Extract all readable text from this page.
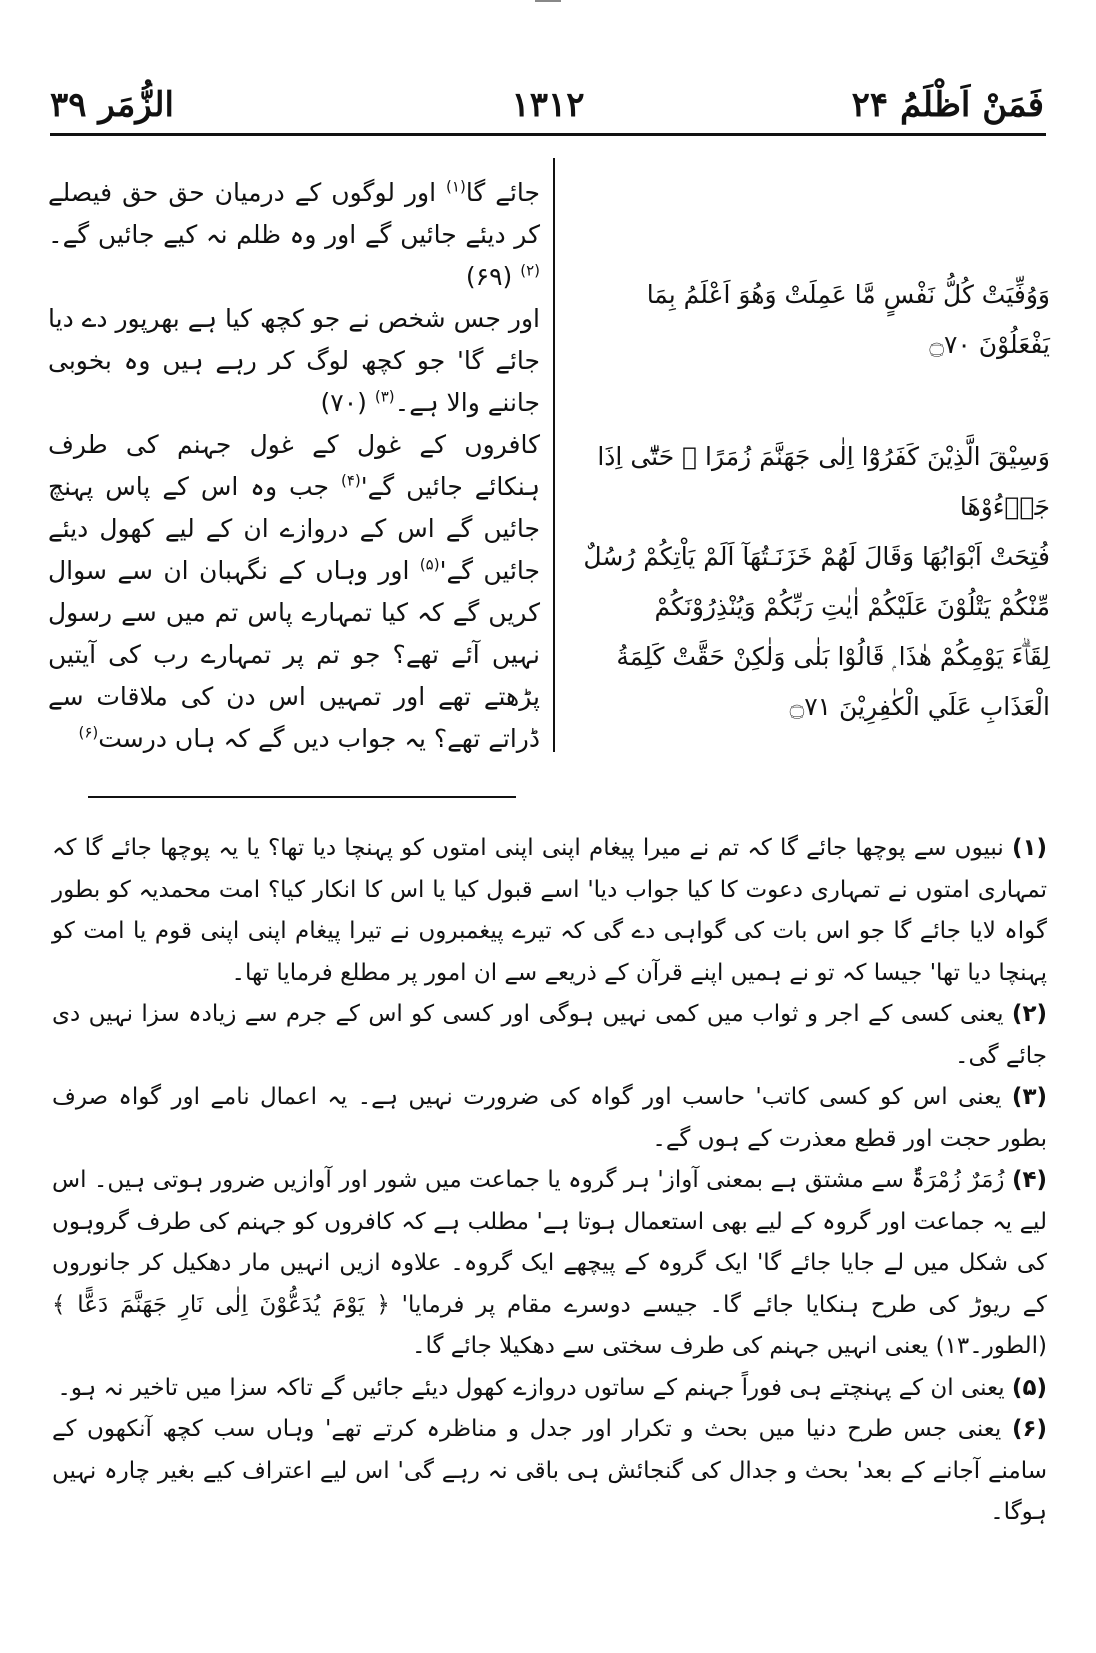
فَمَنْ اَظْلَمُ ۲۴
۱۳۱۲
الزُّمَر ۳۹

جائے گا$^{(۱)}$ اور لوگوں کے درمیان حق حق فیصلے کر دیئے جائیں گے اور وہ ظلم نہ کیے جائیں گے۔$^{(۲)}$ (۶۹)

اور جس شخص نے جو کچھ کیا ہے بھرپور دے دیا جائے گا' جو کچھ لوگ کر رہے ہیں وہ بخوبی جاننے والا ہے۔$^{(۳)}$ (۷۰)

کافروں کے غول کے غول جہنم کی طرف ہنکائے جائیں گے'$^{(۴)}$ جب وہ اس کے پاس پہنچ جائیں گے اس کے دروازے ان کے لیے کھول دیئے جائیں گے'$^{(۵)}$ اور وہاں کے نگہبان ان سے سوال کریں گے کہ کیا تمہارے پاس تم میں سے رسول نہیں آئے تھے؟ جو تم پر تمہارے رب کی آیتیں پڑھتے تھے اور تمہیں اس دن کی ملاقات سے ڈراتے تھے؟ یہ جواب دیں گے کہ ہاں درست$^{(۶)}$

وَوُفِّيَتْ كُلُّ نَفْسٍ مَّا عَمِلَتْ وَهُوَ اَعْلَمُ بِمَا يَفْعَلُوْنَ ۝٧٠

وَسِيْقَ الَّذِيْنَ كَفَرُوْٓا اِلٰى جَهَنَّمَ زُمَرًا ۭ حَتّٰٓى اِذَا جَاۗءُوْهَا

فُتِحَتْ اَبْوَابُهَا وَقَالَ لَهُمْ خَزَنَـتُهَآ اَلَمْ يَاْتِكُمْ رُسُلٌ

مِّنْكُمْ يَتْلُوْنَ عَلَيْكُمْ اٰيٰتِ رَبِّكُمْ وَيُنْذِرُوْنَكُمْ

لِقَاۗءَ يَوْمِكُمْ هٰذَا ۭ قَالُوْا بَلٰى وَلٰكِنْ حَقَّتْ كَلِمَةُ

الْعَذَابِ عَلَي الْكٰفِرِيْنَ ۝٧١

(۱) نبیوں سے پوچھا جائے گا کہ تم نے میرا پیغام اپنی اپنی امتوں کو پہنچا دیا تھا؟ یا یہ پوچھا جائے گا کہ تمہاری امتوں نے تمہاری دعوت کا کیا جواب دیا' اسے قبول کیا یا اس کا انکار کیا؟ امت محمدیہ کو بطور گواہ لایا جائے گا جو اس بات کی گواہی دے گی کہ تیرے پیغمبروں نے تیرا پیغام اپنی اپنی قوم یا امت کو پہنچا دیا تھا' جیسا کہ تو نے ہمیں اپنے قرآن کے ذریعے سے ان امور پر مطلع فرمایا تھا۔

(۲) یعنی کسی کے اجر و ثواب میں کمی نہیں ہوگی اور کسی کو اس کے جرم سے زیادہ سزا نہیں دی جائے گی۔

(۳) یعنی اس کو کسی کاتب' حاسب اور گواہ کی ضرورت نہیں ہے۔ یہ اعمال نامے اور گواہ صرف بطور حجت اور قطع معذرت کے ہوں گے۔

(۴) زُمَرٌ زُمْرَۃٌ سے مشتق ہے بمعنی آواز' ہر گروہ یا جماعت میں شور اور آوازیں ضرور ہوتی ہیں۔ اس لیے یہ جماعت اور گروہ کے لیے بھی استعمال ہوتا ہے' مطلب ہے کہ کافروں کو جہنم کی طرف گروہوں کی شکل میں لے جایا جائے گا' ایک گروہ کے پیچھے ایک گروہ۔ علاوہ ازیں انہیں مار دھکیل کر جانوروں کے ریوڑ کی طرح ہنکایا جائے گا۔ جیسے دوسرے مقام پر فرمایا' ﴿ يَوْمَ يُدَعُّوْنَ اِلٰى نَارِ جَهَنَّمَ دَعًّا ﴾ (الطور۔۱۳) یعنی انہیں جہنم کی طرف سختی سے دھکیلا جائے گا۔

(۵) یعنی ان کے پہنچتے ہی فوراً جہنم کے ساتوں دروازے کھول دیئے جائیں گے تاکہ سزا میں تاخیر نہ ہو۔

(۶) یعنی جس طرح دنیا میں بحث و تکرار اور جدل و مناظرہ کرتے تھے' وہاں سب کچھ آنکھوں کے سامنے آجانے کے بعد' بحث و جدال کی گنجائش ہی باقی نہ رہے گی' اس لیے اعتراف کیے بغیر چارہ نہیں ہوگا۔
